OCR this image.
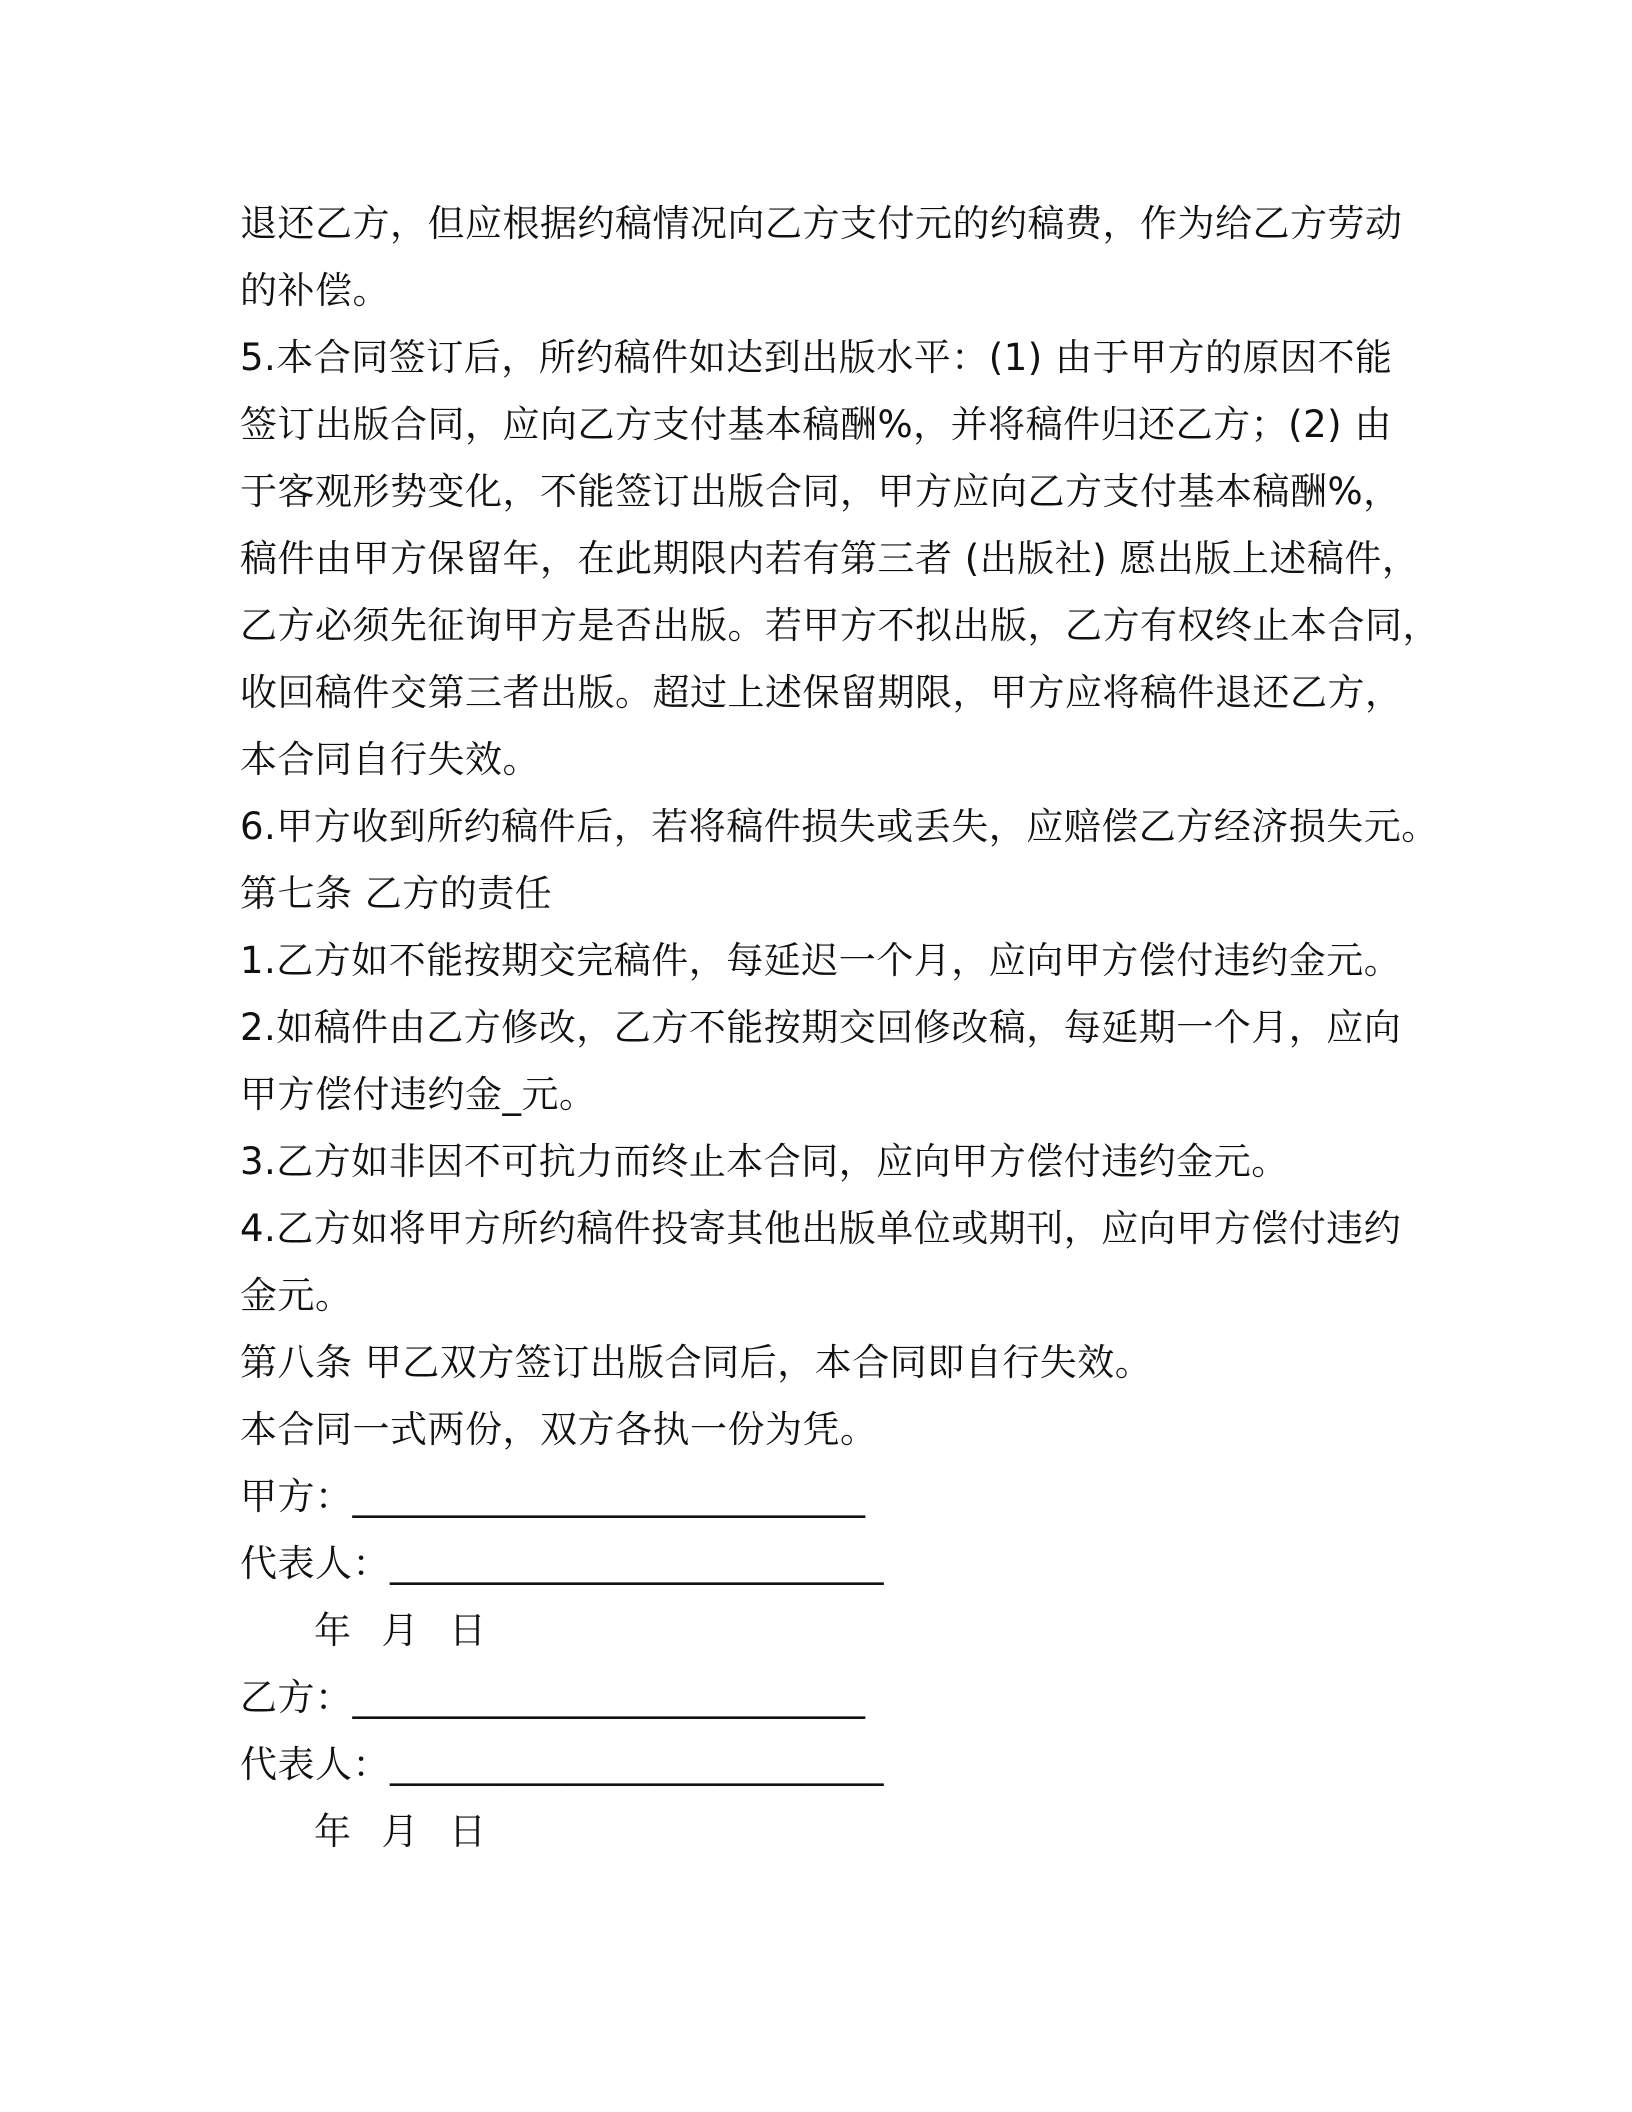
退还乙方，但应根据约稿情况向乙方支付元的约稿费，作为给乙方劳动
的补偿。
5.本合同签订后，所约稿件如达到出版水平：(1) 由于甲方的原因不能
签订出版合同，应向乙方支付基本稿酬%，并将稿件归还乙方；(2) 由
于客观形势变化，不能签订出版合同，甲方应向乙方支付基本稿酬%，
稿件由甲方保留年，在此期限内若有第三者 (出版社) 愿出版上述稿件，
乙方必须先征询甲方是否出版。若甲方不拟出版，乙方有权终止本合同，
收回稿件交第三者出版。超过上述保留期限，甲方应将稿件退还乙方，
本合同自行失效。
6.甲方收到所约稿件后，若将稿件损失或丢失，应赔偿乙方经济损失元。
第七条 乙方的责任
1.乙方如不能按期交完稿件，每延迟一个月，应向甲方偿付违约金元。
2.如稿件由乙方修改，乙方不能按期交回修改稿，每延期一个月，应向
甲方偿付违约金_元。
3.乙方如非因不可抗力而终止本合同，应向甲方偿付违约金元。
4.乙方如将甲方所约稿件投寄其他出版单位或期刊，应向甲方偿付违约
金元。
第八条 甲乙双方签订出版合同后，本合同即自行失效。
本合同一式两份，双方各执一份为凭。
甲方：___________________________
代表人：__________________________
年 月 日
乙方：___________________________
代表人：__________________________
年 月 日
